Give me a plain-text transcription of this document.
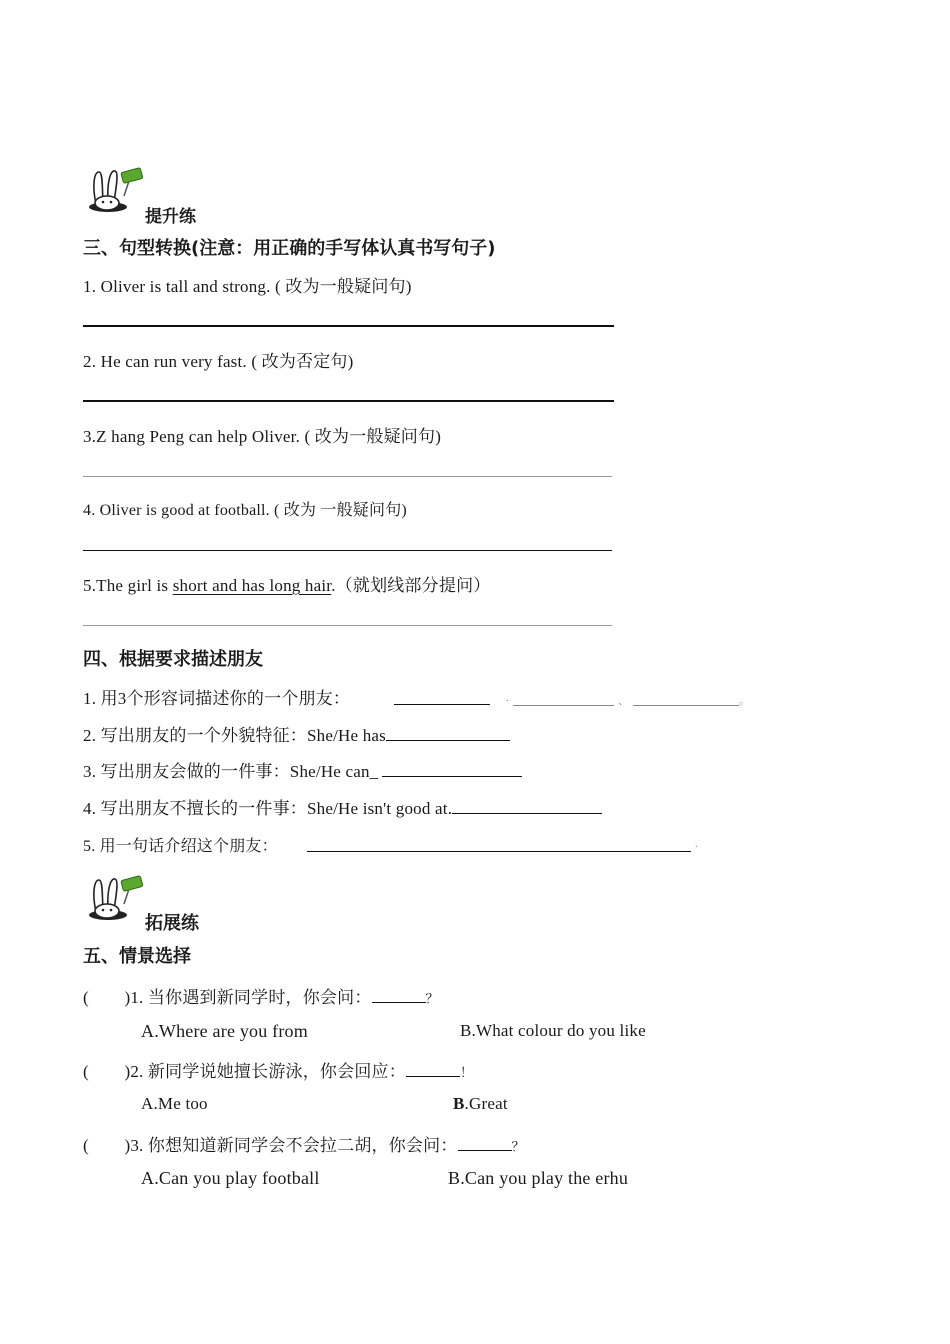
提升练
三、句型转换(注意：用正确的手写体认真书写句子)
1. Oliver is tall and strong. ( 改为一般疑问句)
2. He can run very fast. ( 改为否定句)
3.Z hang Peng can help Oliver. ( 改为一般疑问句)
4. Oliver is good at football. ( 改为 一般疑问句)
5.The girl is short and has long hair.（就划线部分提问）
四、根据要求描述朋友
1. 用3个形容词描述你的一个朋友：	.	、	。
2. 写出朋友的一个外貌特征：She/He has
3. 写出朋友会做的一件事：She/He can_
4. 写出朋友不擅长的一件事：She/He isn't good at.
5. 用一句话介绍这个朋友：	.
拓展练
五、情景选择
(        )1. 当你遇到新同学时，你会问：	？
A.Where are you from	B.What colour do you like
(        )2. 新同学说她擅长游泳，你会回应：	！
A.Me too	B.Great
(        )3. 你想知道新同学会不会拉二胡，你会问：	？
A.Can you play football	B.Can you play the erhu
